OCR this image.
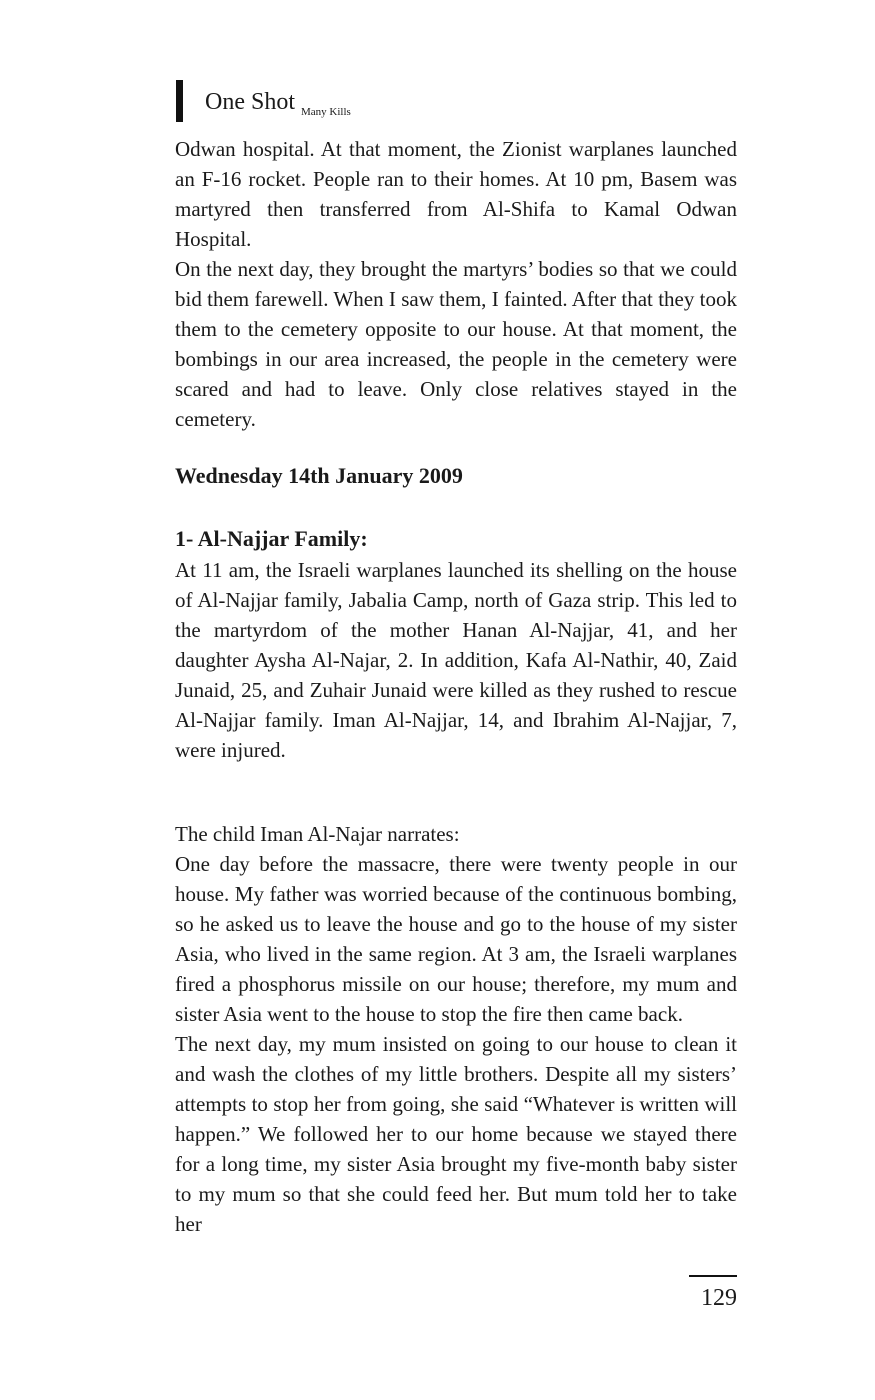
One Shot Many Kills

Odwan hospital. At that moment, the Zionist warplanes launched an F-16 rocket. People ran to their homes. At 10 pm, Basem was martyred then transferred from Al-Shifa to Kamal Odwan Hospital.

On the next day, they brought the martyrs’ bodies so that we could bid them farewell. When I saw them, I fainted. After that they took them to the cemetery opposite to our house. At that moment, the bombings in our area increased, the people in the cemetery were scared and had to leave. Only close relatives stayed in the cemetery.

Wednesday 14th January 2009
1- Al-Najjar Family:

At 11 am, the Israeli warplanes launched its shelling on the house of Al-Najjar family, Jabalia Camp, north of Gaza strip. This led to the martyrdom of the mother Hanan Al-Najjar, 41, and her daughter Aysha Al-Najar, 2. In addition, Kafa Al-Nathir, 40, Zaid Junaid, 25, and Zuhair Junaid were killed as they rushed to rescue Al-Najjar family. Iman Al-Najjar, 14, and Ibrahim Al-Najjar, 7, were injured.

The child Iman Al-Najar narrates:

One day before the massacre, there were twenty people in our house. My father was worried because of the continuous bombing, so he asked us to leave the house and go to the house of my sister Asia, who lived in the same region. At 3 am, the Israeli warplanes fired a phosphorus missile on our house; therefore, my mum and sister Asia went to the house to stop the fire then came back.

The next day, my mum insisted on going to our house to clean it and wash the clothes of my little brothers. Despite all my sisters’ attempts to stop her from going, she said “Whatever is written will happen.” We followed her to our home because we stayed there for a long time, my sister Asia brought my five-month baby sister to my mum so that she could feed her. But mum told her to take her

129
